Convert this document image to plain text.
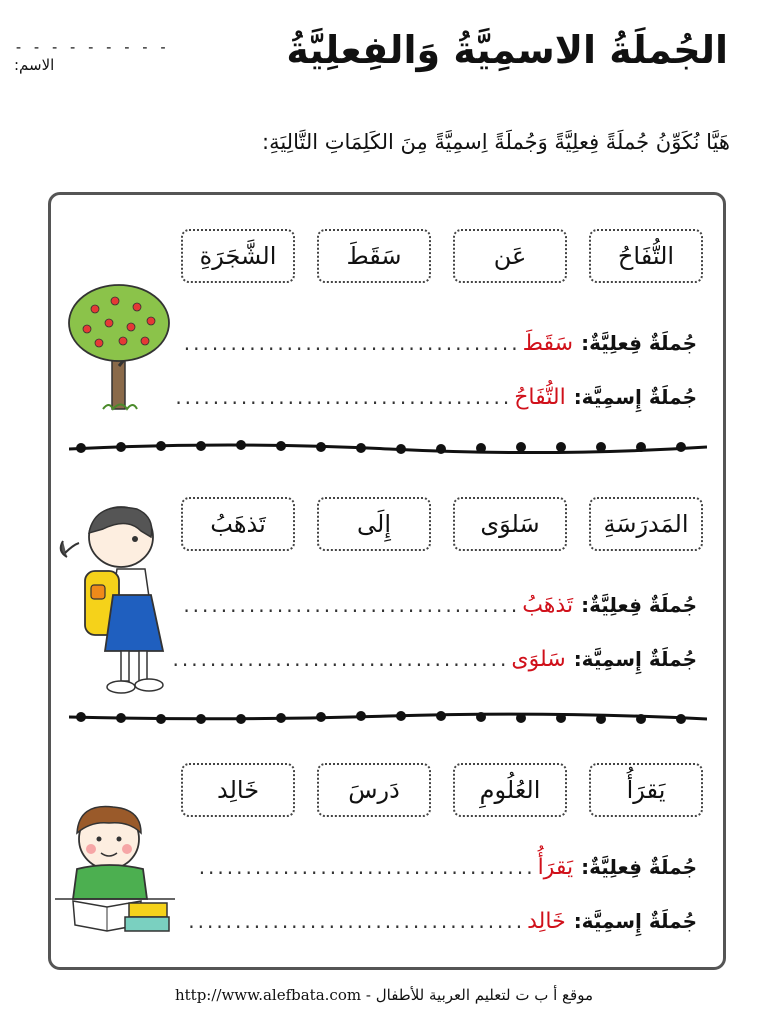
الجُملَةُ الاسمِيَّةُ وَالفِعلِيَّةُ
- - - - - - - - - الاسم:
هَيَّا نُكَوِّنُ جُملَةً فِعلِيَّةً وَجُملَةً اِسمِيَّةً مِنَ الكَلِمَاتِ التَّالِيَةِ:
التُّفَاحُ
عَن
سَقَطَ
الشَّجَرَةِ
جُملَةٌ فِعلِيَّةٌ:
سَقَطَ
....................................
جُملَةٌ إِسمِيَّة:
التُّفَاحُ
....................................
المَدرَسَةِ
سَلوَى
إِلَى
تَذهَبُ
جُملَةٌ فِعلِيَّةٌ:
تَذهَبُ
....................................
جُملَةٌ إِسمِيَّة:
سَلوَى
....................................
يَقرَأُ
العُلُومِ
دَرسَ
خَالِد
جُملَةٌ فِعلِيَّةٌ:
يَقرَأُ
....................................
جُملَةٌ إِسمِيَّة:
خَالِد
....................................
http://www.alefbata.com - موقع أ ب ت لتعليم العربية للأطفال
